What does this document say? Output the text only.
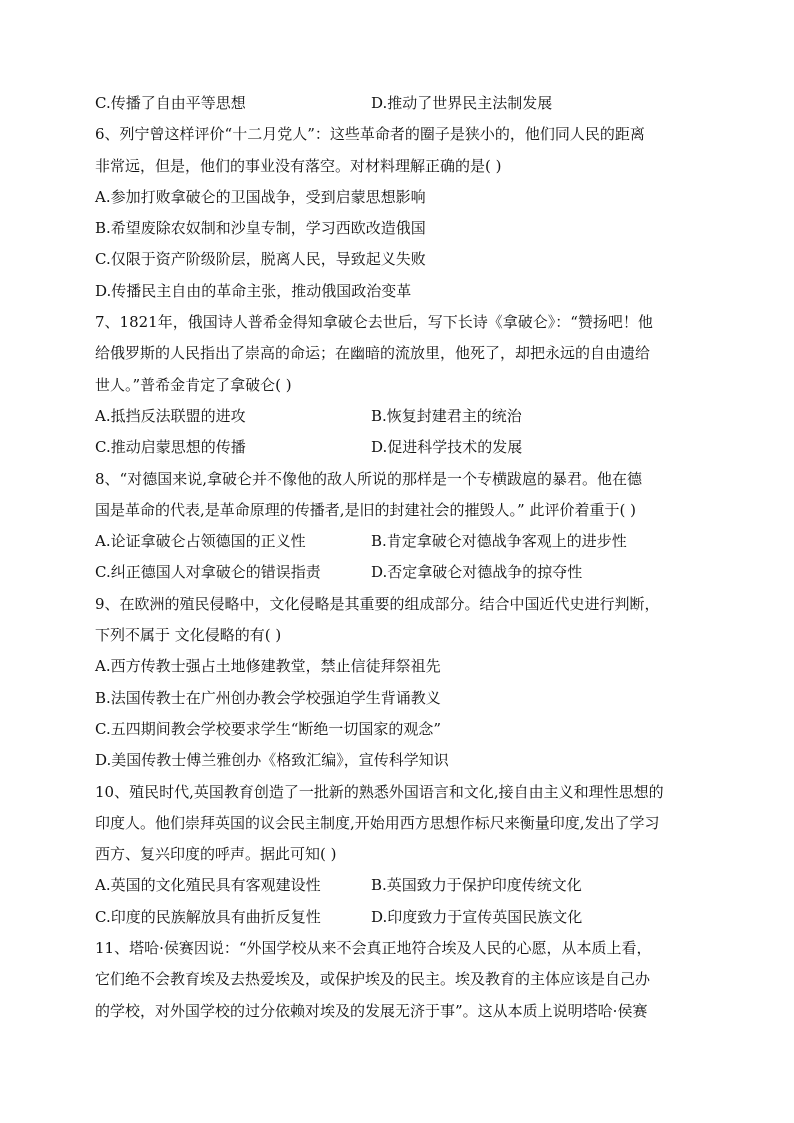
C.传播了自由平等思想	D.推动了世界民主法制发展
6、列宁曾这样评价“十二月党人”：这些革命者的圈子是狭小的，他们同人民的距离
非常远，但是，他们的事业没有落空。对材料理解正确的是( )
A.参加打败拿破仑的卫国战争，受到启蒙思想影响
B.希望废除农奴制和沙皇专制，学习西欧改造俄国
C.仅限于资产阶级阶层，脱离人民，导致起义失败
D.传播民主自由的革命主张，推动俄国政治变革
7、1821年，俄国诗人普希金得知拿破仑去世后，写下长诗《拿破仑》：“赞扬吧！他
给俄罗斯的人民指出了崇高的命运；在幽暗的流放里，他死了，却把永远的自由遗给
世人。”普希金肯定了拿破仑( )
A.抵挡反法联盟的进攻	B.恢复封建君主的统治
C.推动启蒙思想的传播	D.促进科学技术的发展
8、“对德国来说,拿破仑并不像他的敌人所说的那样是一个专横跋扈的暴君。他在德
国是革命的代表,是革命原理的传播者,是旧的封建社会的摧毁人。” 此评价着重于( )
A.论证拿破仑占领德国的正义性	B.肯定拿破仑对德战争客观上的进步性
C.纠正德国人对拿破仑的错误指责	D.否定拿破仑对德战争的掠夺性
9、在欧洲的殖民侵略中，文化侵略是其重要的组成部分。结合中国近代史进行判断，
下列不属于 文化侵略的有( )
A.西方传教士强占土地修建教堂，禁止信徒拜祭祖先
B.法国传教士在广州创办教会学校强迫学生背诵教义
C.五四期间教会学校要求学生“断绝一切国家的观念”
D.美国传教士傅兰雅创办《格致汇编》，宣传科学知识
10、殖民时代,英国教育创造了一批新的熟悉外国语言和文化,接自由主义和理性思想的
印度人。他们崇拜英国的议会民主制度,开始用西方思想作标尺来衡量印度,发出了学习
西方、复兴印度的呼声。据此可知( )
A.英国的文化殖民具有客观建设性	B.英国致力于保护印度传统文化
C.印度的民族解放具有曲折反复性	D.印度致力于宣传英国民族文化
11、塔哈·侯赛因说：“外国学校从来不会真正地符合埃及人民的心愿，从本质上看，
它们绝不会教育埃及去热爱埃及，或保护埃及的民主。埃及教育的主体应该是自己办
的学校，对外国学校的过分依赖对埃及的发展无济于事”。这从本质上说明塔哈·侯赛
